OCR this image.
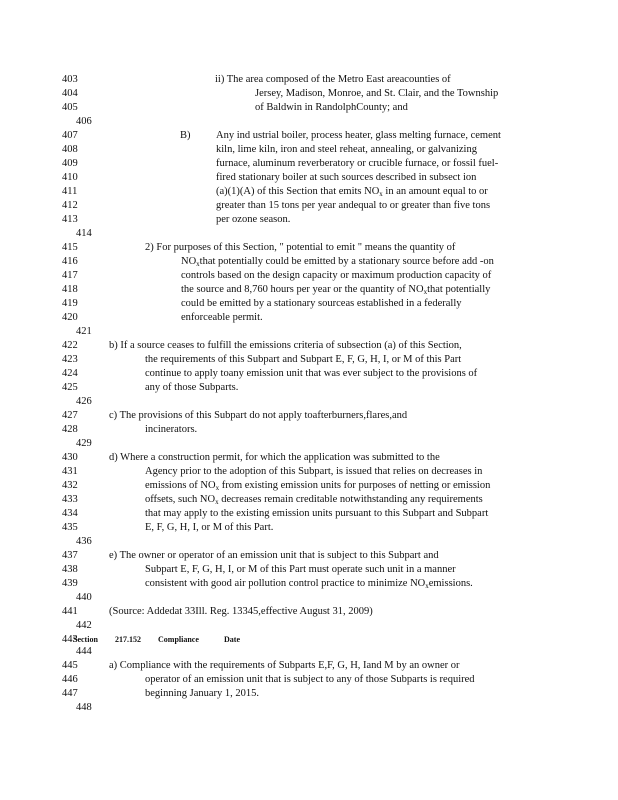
403	ii) The area composed of the Metro East areacounties of
404	Jersey, Madison, Monroe, and St. Clair, and the Township
405	of Baldwin in RandolphCounty; and
406
407	B) Any ind ustrial boiler, process heater, glass melting furnace, cement
408	kiln, lime kiln, iron and steel reheat, annealing, or galvanizing
409	furnace, aluminum reverberatory or crucible furnace, or fossil fuel-
410	fired stationary boiler at such sources described in subsect ion
411	(a)(1)(A) of this Section that emits $NO_x$ in an amount equal to or
412	greater than 15 tons per year andequal to or greater than five tons
413	per ozone season.
414
415	2) For purposes of this Section, " potential to emit " means the quantity of
416	$NO_xthat$ potentially could be emitted by a stationary source before add -on
417	controls based on the design capacity or maximum production capacity of
418	the source and 8,760 hours per year or the quantity of $NO_xthat$ potentially
419	could be emitted by a stationary sourceas established in a federally
420	enforceable permit.
421
422	b) If a source ceases to fulfill the emissions criteria of subsection (a) of this Section,
423	the requirements of this Subpart and Subpart E, F, G, H, I, or M of this Part
424	continue to apply toany emission unit that was ever subject to the provisions of
425	any of those Subparts.
426
427	c) The provisions of this Subpart do not apply toafterburners,flares,and
428	incinerators.
429
430	d) Where a construction permit, for which the application was submitted to the
431	Agency prior to the adoption of this Subpart, is issued that relies on decreases in
432	emissions of $NO_x$ from existing emission units for purposes of netting or emission
433	offsets, such $NO_x$ decreases remain creditable notwithstanding any requirements
434	that may apply to the existing emission units pursuant to this Subpart and Subpart
435	E, F, G, H, I, or M of this Part.
436
437	e) The owner or operator of an emission unit that is subject to this Subpart and
438	Subpart E, F, G, H, I, or M of this Part must operate such unit in a manner
439	consistent with good air pollution control practice to minimize $NO_xemissions$.
440
441	(Source: Addedat 33Ill. Reg. 13345,effective August 31, 2009)
442
443
Section 217.152 Compliance	Date
444
445	a) Compliance with the requirements of Subparts E,F, G, H, Iand M by an owner or
446	operator of an emission unit that is subject to any of those Subparts is required
447	beginning January 1, 2015.
448
